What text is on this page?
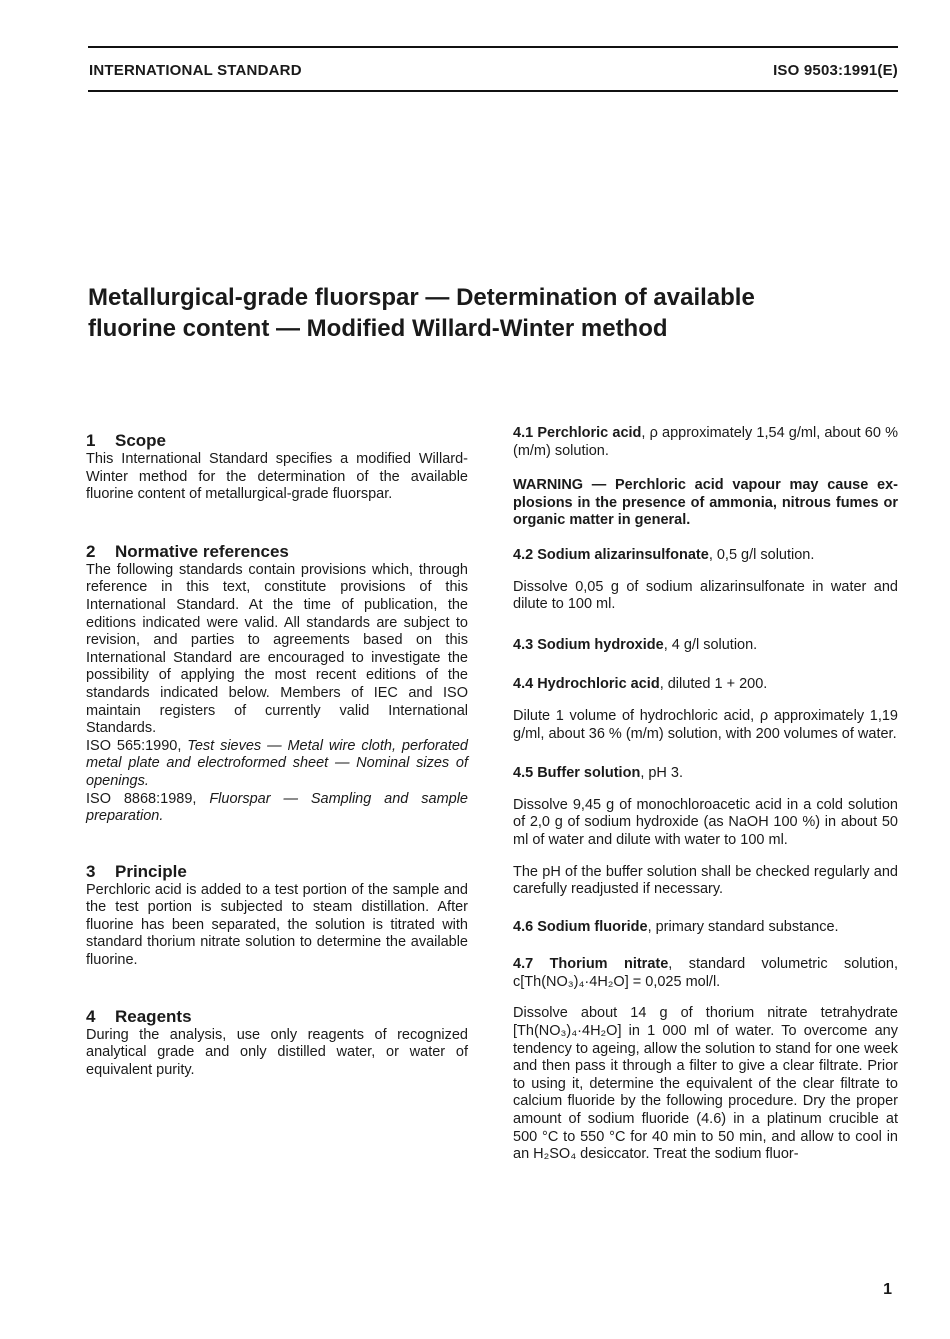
INTERNATIONAL STANDARD	ISO 9503:1991(E)
Metallurgical-grade fluorspar — Determination of available
fluorine content — Modified Willard-Winter method
1 Scope

This International Standard specifies a modified Willard-Winter method for the determination of the available fluorine content of metallurgical-grade fluorspar.

2 Normative references

The following standards contain provisions which, through reference in this text, constitute provisions of this International Standard. At the time of publication, the editions indicated were valid. All standards are subject to revision, and parties to agreements based on this International Standard are encouraged to investigate the possibility of applying the most recent editions of the standards indicated below. Members of IEC and ISO maintain registers of currently valid International Standards.

ISO 565:1990, Test sieves — Metal wire cloth, perforated metal plate and electroformed sheet — Nominal sizes of openings.

ISO 8868:1989, Fluorspar — Sampling and sample preparation.

3 Principle

Perchloric acid is added to a test portion of the sample and the test portion is subjected to steam distillation. After fluorine has been separated, the solution is titrated with standard thorium nitrate solution to determine the available fluorine.

4 Reagents

During the analysis, use only reagents of recognized analytical grade and only distilled water, or water of equivalent purity.

4.1 Perchloric acid, ρ approximately 1,54 g/ml, about 60 % (m/m) solution.

WARNING — Perchloric acid vapour may cause explosions in the presence of ammonia, nitrous fumes or organic matter in general.

4.2 Sodium alizarinsulfonate, 0,5 g/l solution.

Dissolve 0,05 g of sodium alizarinsulfonate in water and dilute to 100 ml.

4.3 Sodium hydroxide, 4 g/l solution.

4.4 Hydrochloric acid, diluted 1 + 200.

Dilute 1 volume of hydrochloric acid, ρ approximately 1,19 g/ml, about 36 % (m/m) solution, with 200 volumes of water.

4.5 Buffer solution, pH 3.

Dissolve 9,45 g of monochloroacetic acid in a cold solution of 2,0 g of sodium hydroxide (as NaOH 100 %) in about 50 ml of water and dilute with water to 100 ml.

The pH of the buffer solution shall be checked regularly and carefully readjusted if necessary.

4.6 Sodium fluoride, primary standard substance.

4.7 Thorium nitrate, standard volumetric solution, c[Th(NO₃)₄·4H₂O] = 0,025 mol/l.

Dissolve about 14 g of thorium nitrate tetrahydrate [Th(NO₃)₄·4H₂O] in 1 000 ml of water. To overcome any tendency to ageing, allow the solution to stand for one week and then pass it through a filter to give a clear filtrate. Prior to using it, determine the equivalent of the clear filtrate to calcium fluoride by the following procedure. Dry the proper amount of sodium fluoride (4.6) in a platinum crucible at 500 °C to 550 °C for 40 min to 50 min, and allow to cool in an H₂SO₄ desiccator. Treat the sodium fluor-

1
